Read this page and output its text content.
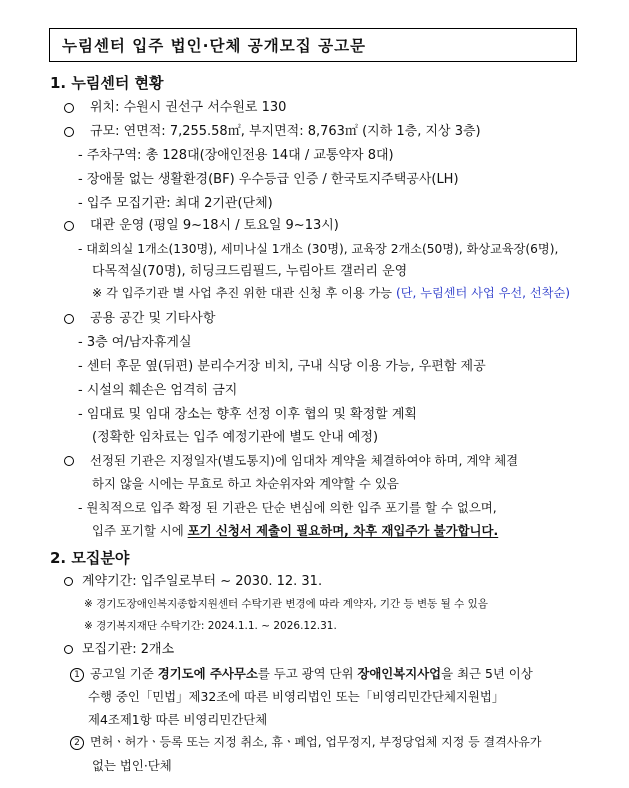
누림센터 입주 법인·단체 공개모집 공고문
1. 누림센터 현황
위치: 수원시 권선구 서수원로 130
규모: 연면적: 7,255.58㎡, 부지면적: 8,763㎡ (지하 1층, 지상 3층)
- 주차구역: 총 128대(장애인전용 14대 / 교통약자 8대)
- 장애물 없는 생활환경(BF) 우수등급 인증 / 한국토지주택공사(LH)
- 입주 모집기관: 최대 2기관(단체)
대관 운영 (평일 9~18시 / 토요일 9~13시)
- 대회의실 1개소(130명), 세미나실 1개소 (30명), 교육장 2개소(50명), 화상교육장(6명),
다목적실(70명), 히딩크드림필드, 누림아트 갤러리 운영
※ 각 입주기관 별 사업 추진 위한 대관 신청 후 이용 가능 (단, 누림센터 사업 우선, 선착순)
공용 공간 및 기타사항
- 3층 여/남자휴게실
- 센터 후문 옆(뒤편) 분리수거장 비치, 구내 식당 이용 가능, 우편함 제공
- 시설의 훼손은 엄격히 금지
- 임대료 및 임대 장소는 향후 선정 이후 협의 및 확정할 계획
(정확한 임차료는 입주 예정기관에 별도 안내 예정)
선정된 기관은 지정일자(별도통지)에 임대차 계약을 체결하여야 하며, 계약 체결
하지 않을 시에는 무효로 하고 차순위자와 계약할 수 있음
- 원칙적으로 입주 확정 된 기관은 단순 변심에 의한 입주 포기를 할 수 없으며,
입주 포기할 시에 포기 신청서 제출이 필요하며, 차후 재입주가 불가합니다.
2. 모집분야
계약기간: 입주일로부터 ~ 2030. 12. 31.
※ 경기도장애인복지종합지원센터 수탁기관 변경에 따라 계약자, 기간 등 변동 될 수 있음
※ 경기복지재단 수탁기간: 2024.1.1. ~ 2026.12.31.
모집기관: 2개소
1 공고일 기준 경기도에 주사무소를 두고 광역 단위 장애인복지사업을 최근 5년 이상
수행 중인「민법」제32조에 따른 비영리법인 또는「비영리민간단체지원법」
제4조제1항 따른 비영리민간단체
2 면허ㆍ허가ㆍ등록 또는 지정 취소, 휴ㆍ폐업, 업무정지, 부정당업체 지정 등 결격사유가
없는 법인·단체
